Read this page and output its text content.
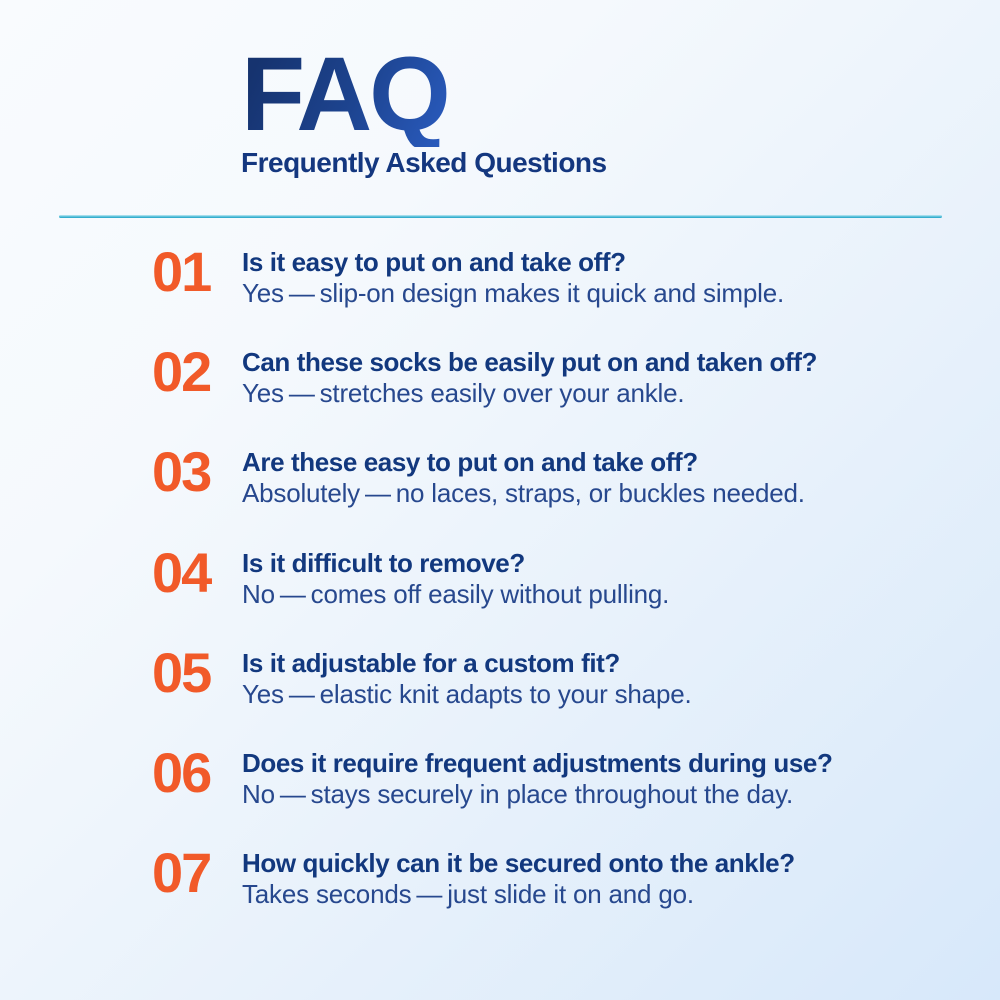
FAQ
Frequently Asked Questions
01	Is it easy to put on and take off?
Yes — slip-on design makes it quick and simple.
02	Can these socks be easily put on and taken off?
Yes — stretches easily over your ankle.
03	Are these easy to put on and take off?
Absolutely — no laces, straps, or buckles needed.
04	Is it difficult to remove?
No — comes off easily without pulling.
05	Is it adjustable for a custom fit?
Yes — elastic knit adapts to your shape.
06	Does it require frequent adjustments during use?
No — stays securely in place throughout the day.
07	How quickly can it be secured onto the ankle?
Takes seconds — just slide it on and go.
